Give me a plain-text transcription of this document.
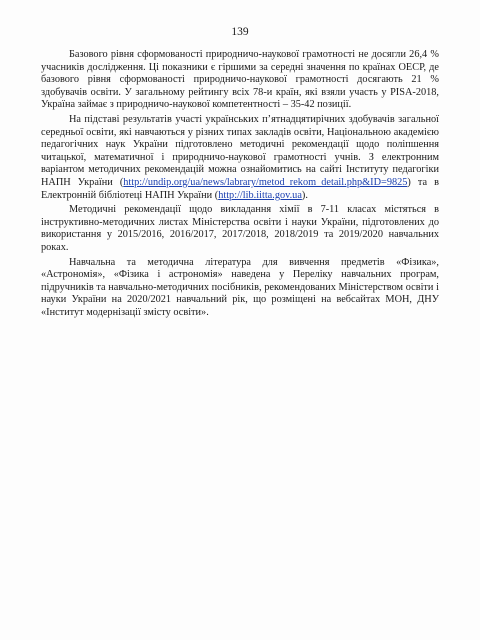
139

Базового рівня сформованості природничо-наукової грамотності не досягли 26,4 % учасників дослідження. Ці показники є гіршими за середні значення по країнах ОЕСР, де базового рівня сформованості природничо-наукової грамотності досягають 21 % здобувачів освіти. У загальному рейтингу всіх 78-и країн, які взяли участь у PISA-2018, Україна займає з природничо-наукової компетентності – 35-42 позиції.

На підставі результатів участі українських п’ятнадцятирічних здобувачів загальної середньої освіти, які навчаються у різних типах закладів освіти, Національною академією педагогічних наук України підготовлено методичні рекомендації щодо поліпшення читацької, математичної і природничо-наукової грамотності учнів. З електронним варіантом методичних рекомендацій можна ознайомитись на сайті Інституту педагогіки НАПН України (http://undip.org/ua/news/labrary/metod_rekom_detail.php&ID=9825) та в Електронній бібліотеці НАПН України (http://lib.iitta.gov.ua).

Методичні рекомендації щодо викладання хімії в 7-11 класах містяться в інструктивно-методичних листах Міністерства освіти і науки України, підготовлених до використання у 2015/2016, 2016/2017, 2017/2018, 2018/2019 та 2019/2020 навчальних роках.

Навчальна та методична література для вивчення предметів «Фізика», «Астрономія», «Фізика і астрономія» наведена у Переліку навчальних програм, підручників та навчально-методичних посібників, рекомендованих Міністерством освіти і науки України на 2020/2021 навчальний рік, що розміщені на вебсайтах МОН, ДНУ «Інститут модернізації змісту освіти».
